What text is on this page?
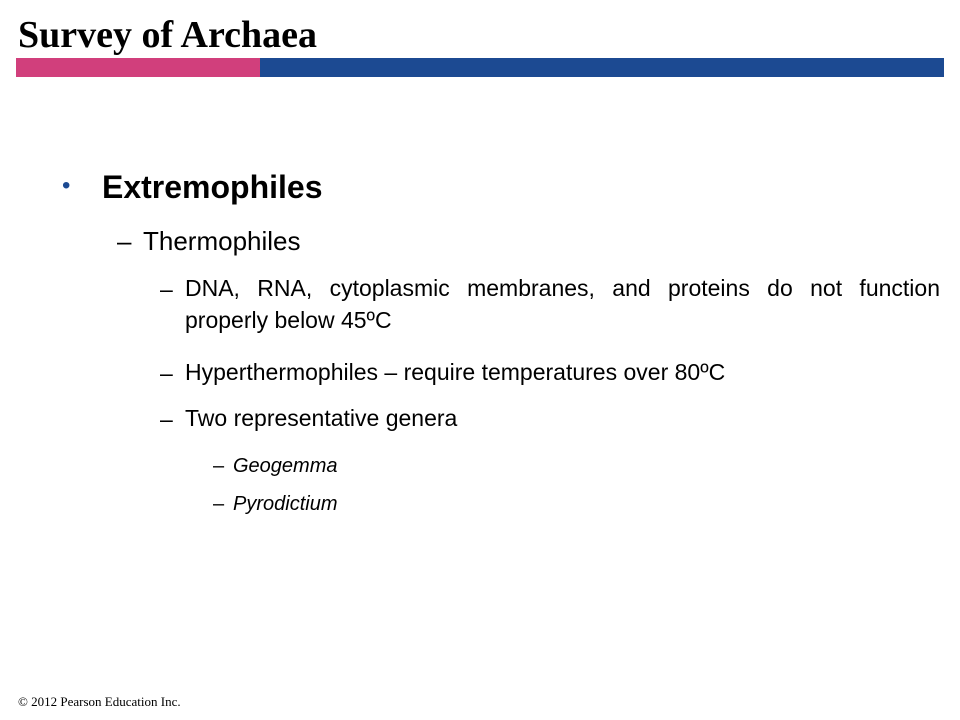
Survey of Archaea
• Extremophiles
– Thermophiles
– DNA, RNA, cytoplasmic membranes, and proteins do not function properly below 45ºC
– Hyperthermophiles – require temperatures over 80ºC
– Two representative genera
– Geogemma
– Pyrodictium
© 2012 Pearson Education Inc.
